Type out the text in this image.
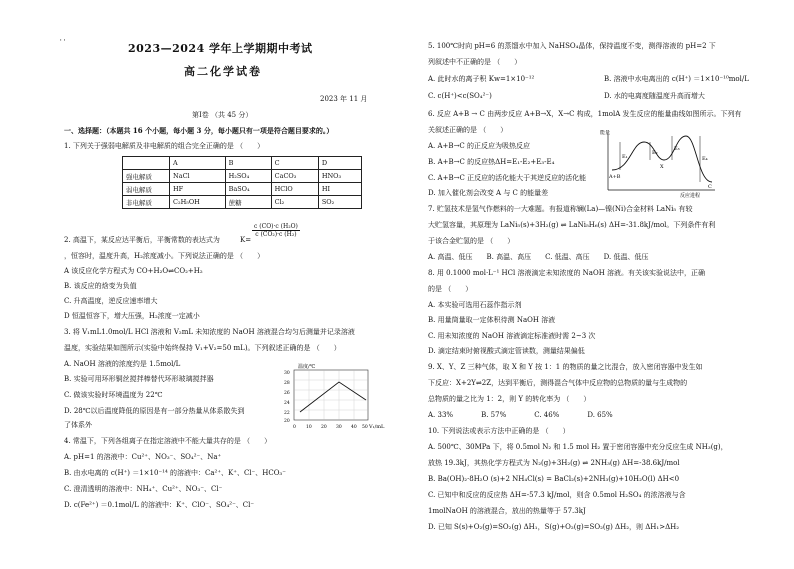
' '	2023—2024 学年上学期期中考试
高二化学试卷
2023 年 11 月
第Ⅰ卷 （共 45 分）
一、选择题：（本题共 16 个小题，每小题 3 分，每小题只有一项是符合题目要求的。）
1. 下列关于强弱电解质及非电解质的组合完全正确的是 （　　）
	A	B	C	D
强电解质	NaCl	H₂SO₄	CaCO₃	HNO₃
弱电解质	HF	BaSO₄	HClO	HI
非电解质	C₂H₅OH	蔗糖	Cl₂	SO₂
2. 高温下，某反应达平衡后，平衡常数的表达式为	K=
$\frac{\text{c (CO)·c (H₂O)}}{\text{c (CO₂)·c (H₂)}}$
，恒容时，温度升高，H₂浓度减小。下列说法正确的是 （　　）
A 该反应化学方程式为 CO+H₂O⇌CO₂+H₂
B. 该反应的焓变为负值
C. 升高温度，逆反应速率增大
D 恒温恒容下，增大压强，H₂浓度一定减小
3. 将 V₁mL1.0mol/L HCl 溶液和 V₂mL 未知浓度的 NaOH 溶液混合均匀后测量并记录溶液
温度，实验结果如图所示(实验中始终保持 V₁+V₂=50 mL)。下列叙述正确的是 （　　）
A. NaOH 溶液的浓度约是 1.5mol/L
B. 实验可用环形铜丝搅拌棒替代环形玻璃搅拌器
C. 做该实验时环境温度为 22℃
D. 28℃以后温度降低的原因是有一部分热量从体系散失到
了体系外
温度/℃
V₁/mL
30
28
26
24
22
20
0 10 20 30 40 50
4. 常温下，下列各组离子在指定溶液中不能大量共存的是 （　　）
A. pH=1 的溶液中：Cu²⁺、NO₃⁻、SO₄²⁻、Na⁺
B. 由水电离的 c(H⁺) ＝1×10⁻¹⁴ 的溶液中：Ca²⁺、K⁺、Cl⁻、HCO₃⁻
C. 澄清透明的溶液中：NH₄⁺、Cu²⁺、NO₃⁻、Cl⁻
D. c(Fe²⁺) ＝0.1mol/L 的溶液中：K⁺、ClO⁻、SO₄²⁻、Cl⁻
5. 100℃时向 pH=6 的蒸馏水中加入 NaHSO₄晶体，保持温度不变，测得溶液的 pH=2 下
列叙述中不正确的是 （　　）
A. 此时水的离子积 Kw=1×10⁻¹²	B. 溶液中水电离出的 c(H⁺) ＝1×10⁻¹⁰mol/L
C. c(H⁺)<c(SO₄²⁻)	D. 水的电离度随温度升高而增大
6. 反应 A+B → C 由两步反应 A+B→X，X→C 构成，1molA 发生反应的能量曲线如图所示。下列有
关叙述正确的是 （　　）
A. A+B→C 的正反应为吸热反应
B. A+B→C 的反应热ΔH=E₁-E₂+E₃-E₄
C. A+B→C 正反应的活化能大于其逆反应的活化能
D. 加入催化剂会改变 A 与 C 的能量差
能量
反应进程
A+B
X
C
E₁
E₂
E₃
E₄
7. 贮氢技术是氢气作燃料的一大难题。有报道称镧(La)—镍(Ni)合金材料 LaNi₅ 有较
大贮氢容量，其原理为 LaNi₅(s)+3H₂(g) ⇌ LaNi₅H₆(s) ΔH=-31.8kJ/mol。下列条件有利
于该合金贮氢的是 （　　）
A. 高温、低压　　B. 高温、高压　　C. 低温、高压　　D. 低温、低压
8. 用 0.1000 mol·L⁻¹ HCl 溶液滴定未知浓度的 NaOH 溶液。有关该实验说法中，正确
的是 （　　）
A. 本实验可选用石蕊作指示剂
B. 用量筒量取一定体积待测 NaOH 溶液
C. 用未知浓度的 NaOH 溶液滴定标准液时需 2~3 次
D. 滴定结束时俯视酸式滴定管读数，测量结果偏低
9. X、Y、Z 三种气体，取 X 和 Y 按 1：1 的物质的量之比混合，放入密闭容器中发生如
下反应：X+2Y⇌2Z，达到平衡后，测得混合气体中反应物的总物质的量与生成物的
总物质的量之比为 1：2，则 Y 的转化率为 （　　）
A. 33%　　　　B. 57%　　　　C. 46%　　　　D. 65%
10. 下列说法或表示方法中正确的是 （　　）
A. 500℃、30MPa 下，将 0.5mol N₂ 和 1.5 mol H₂ 置于密闭容器中充分反应生成 NH₃(g)，
放热 19.3kJ，其热化学方程式为 N₂(g)+3H₂(g) ⇌ 2NH₃(g) ΔH=-38.6kJ/mol
B. Ba(OH)₂·8H₂O (s)+2 NH₄Cl(s) = BaCl₂(s)+2NH₃(g)+10H₂O(l) ΔH<0
C. 已知中和反应的反应热 ΔH=-57.3 kJ/mol，则含 0.5mol H₂SO₄ 的浓溶液与含
1molNaOH 的溶液混合，放出的热量等于 57.3kJ
D. 已知 S(s)+O₂(g)=SO₂(g) ΔH₁，S(g)+O₂(g)=SO₂(g) ΔH₂，则 ΔH₁>ΔH₂
